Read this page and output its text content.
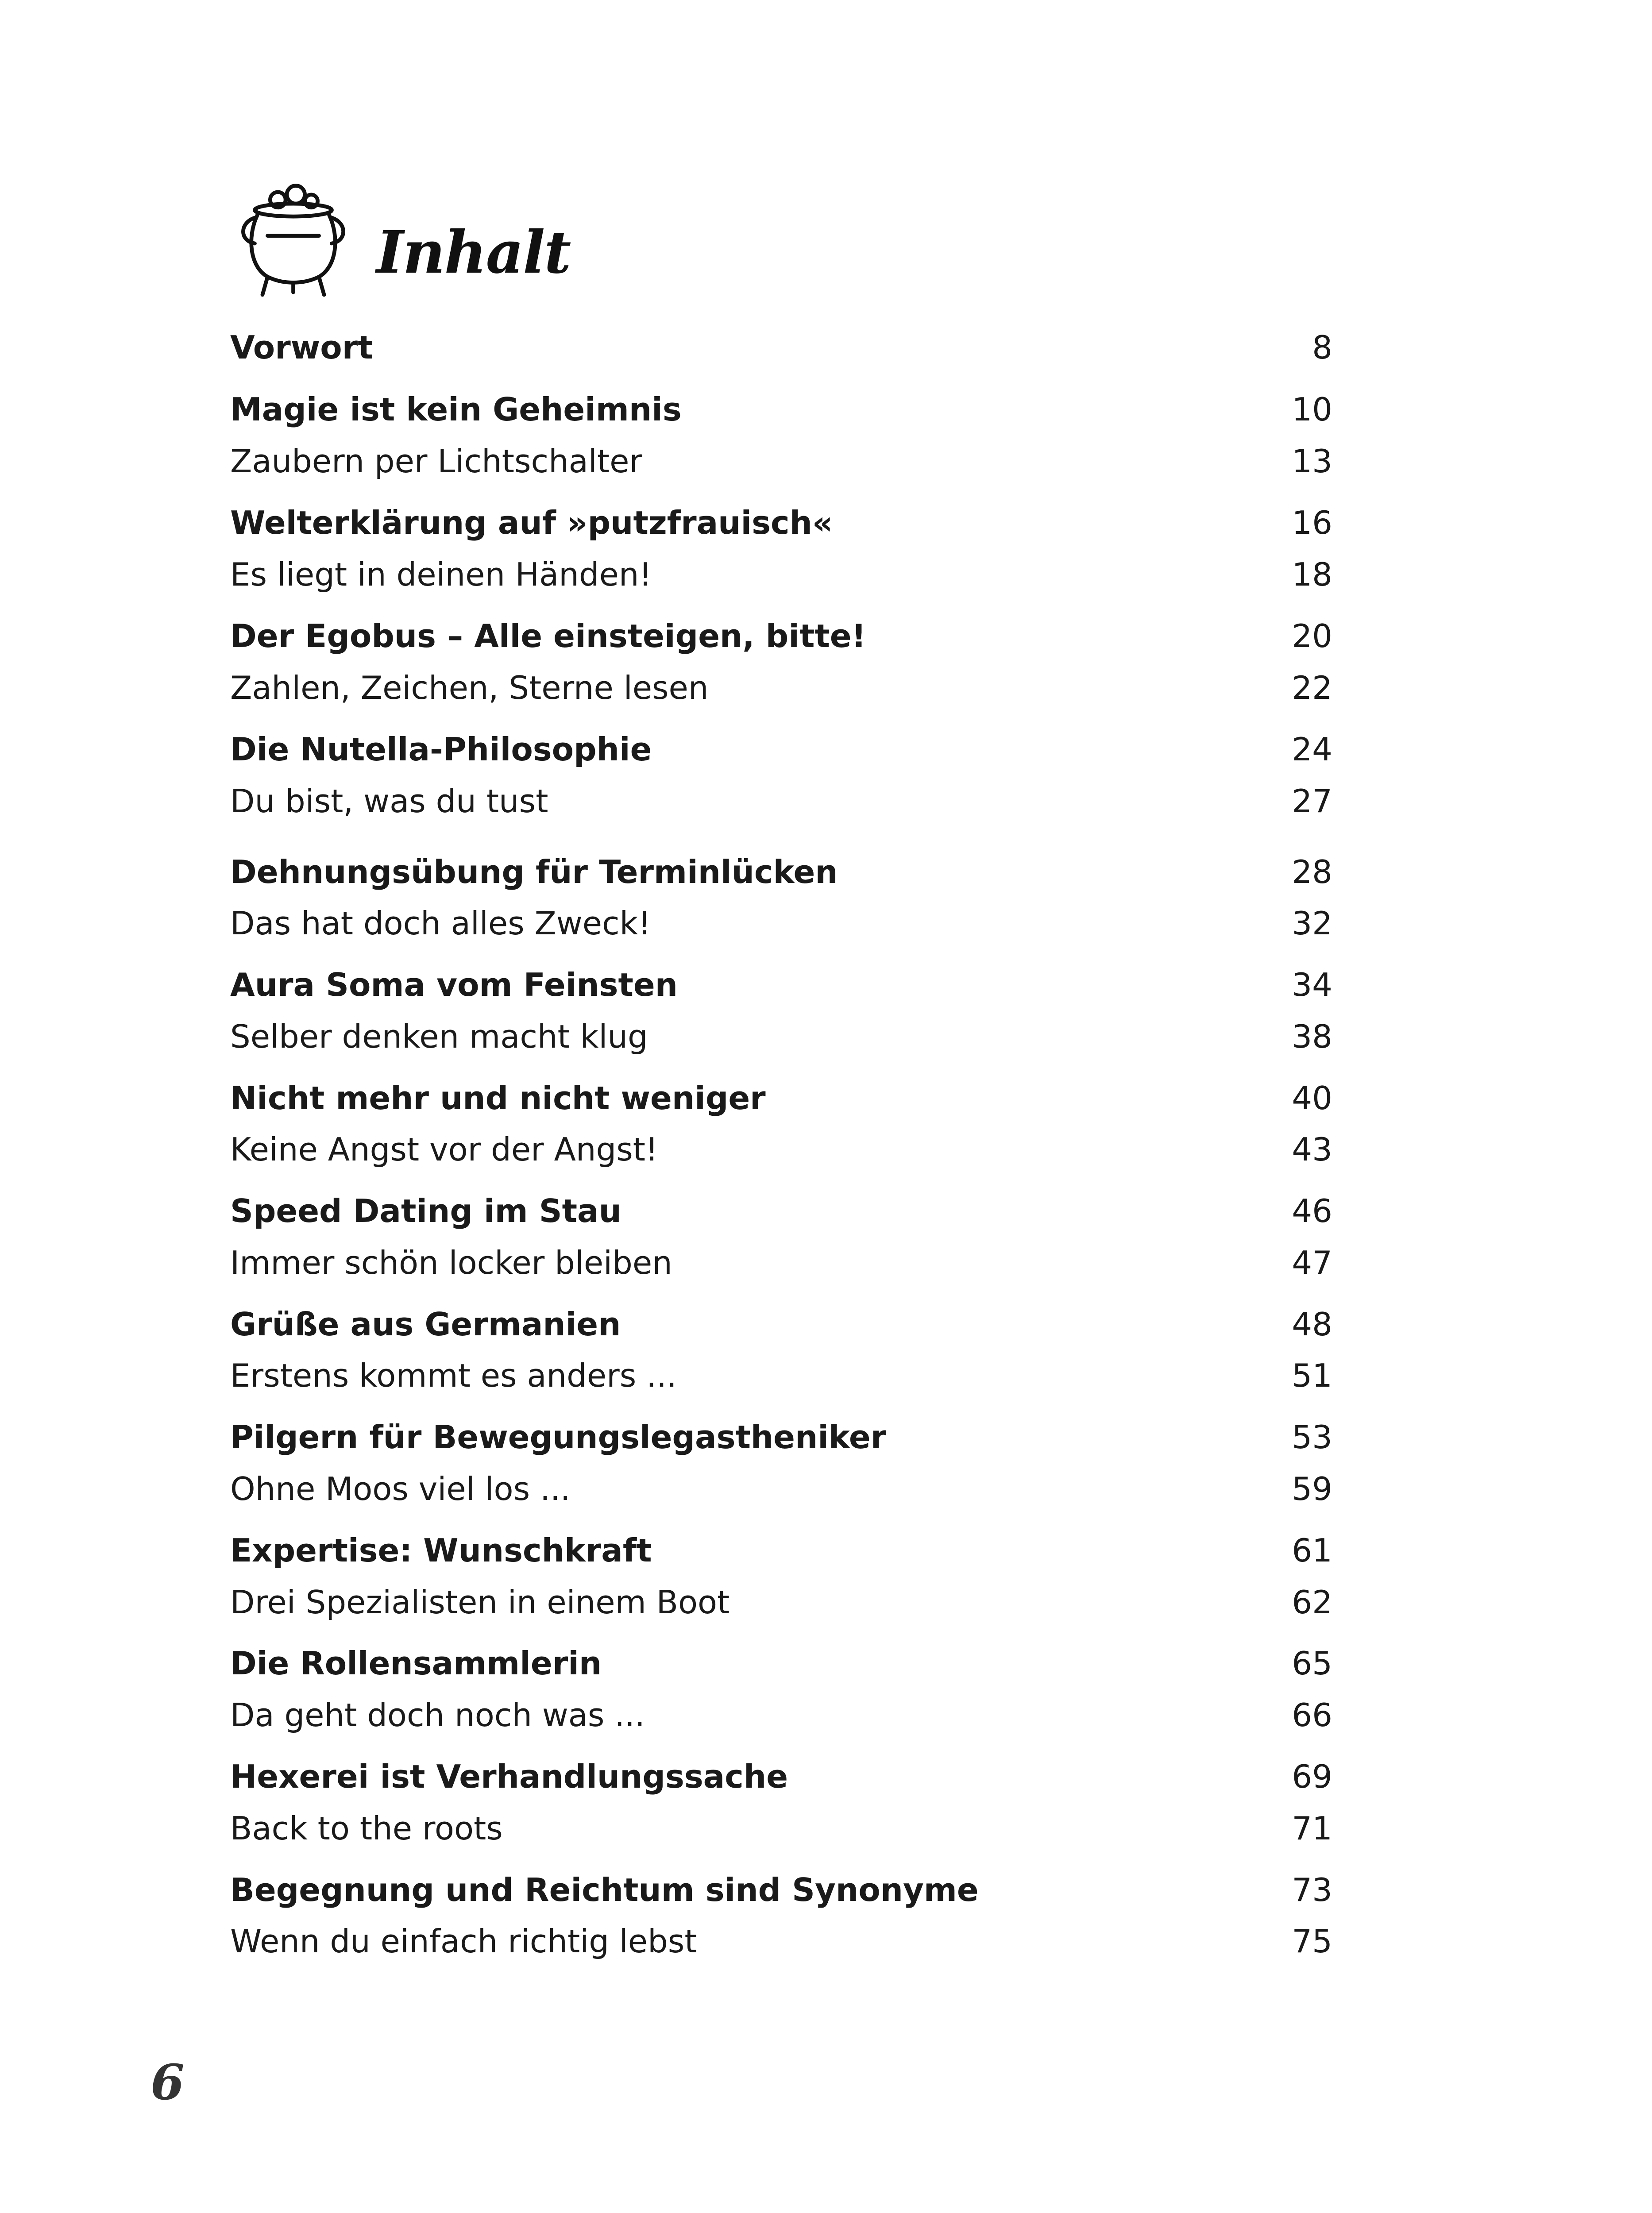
Inhalt
Vorwort	8
Magie ist kein Geheimnis	10
Zaubern per Lichtschalter	13
Welterklärung auf »putzfrauisch«	16
Es liegt in deinen Händen!	18
Der Egobus – Alle einsteigen, bitte!	20
Zahlen, Zeichen, Sterne lesen	22
Die Nutella-Philosophie	24
Du bist, was du tust	27
Dehnungsübung für Terminlücken	28
Das hat doch alles Zweck!	32
Aura Soma vom Feinsten	34
Selber denken macht klug	38
Nicht mehr und nicht weniger	40
Keine Angst vor der Angst!	43
Speed Dating im Stau	46
Immer schön locker bleiben	47
Grüße aus Germanien	48
Erstens kommt es anders ...	51
Pilgern für Bewegungslegastheniker	53
Ohne Moos viel los ...	59
Expertise: Wunschkraft	61
Drei Spezialisten in einem Boot	62
Die Rollensammlerin	65
Da geht doch noch was ...	66
Hexerei ist Verhandlungssache	69
Back to the roots	71
Begegnung und Reichtum sind Synonyme	73
Wenn du einfach richtig lebst	75
6
